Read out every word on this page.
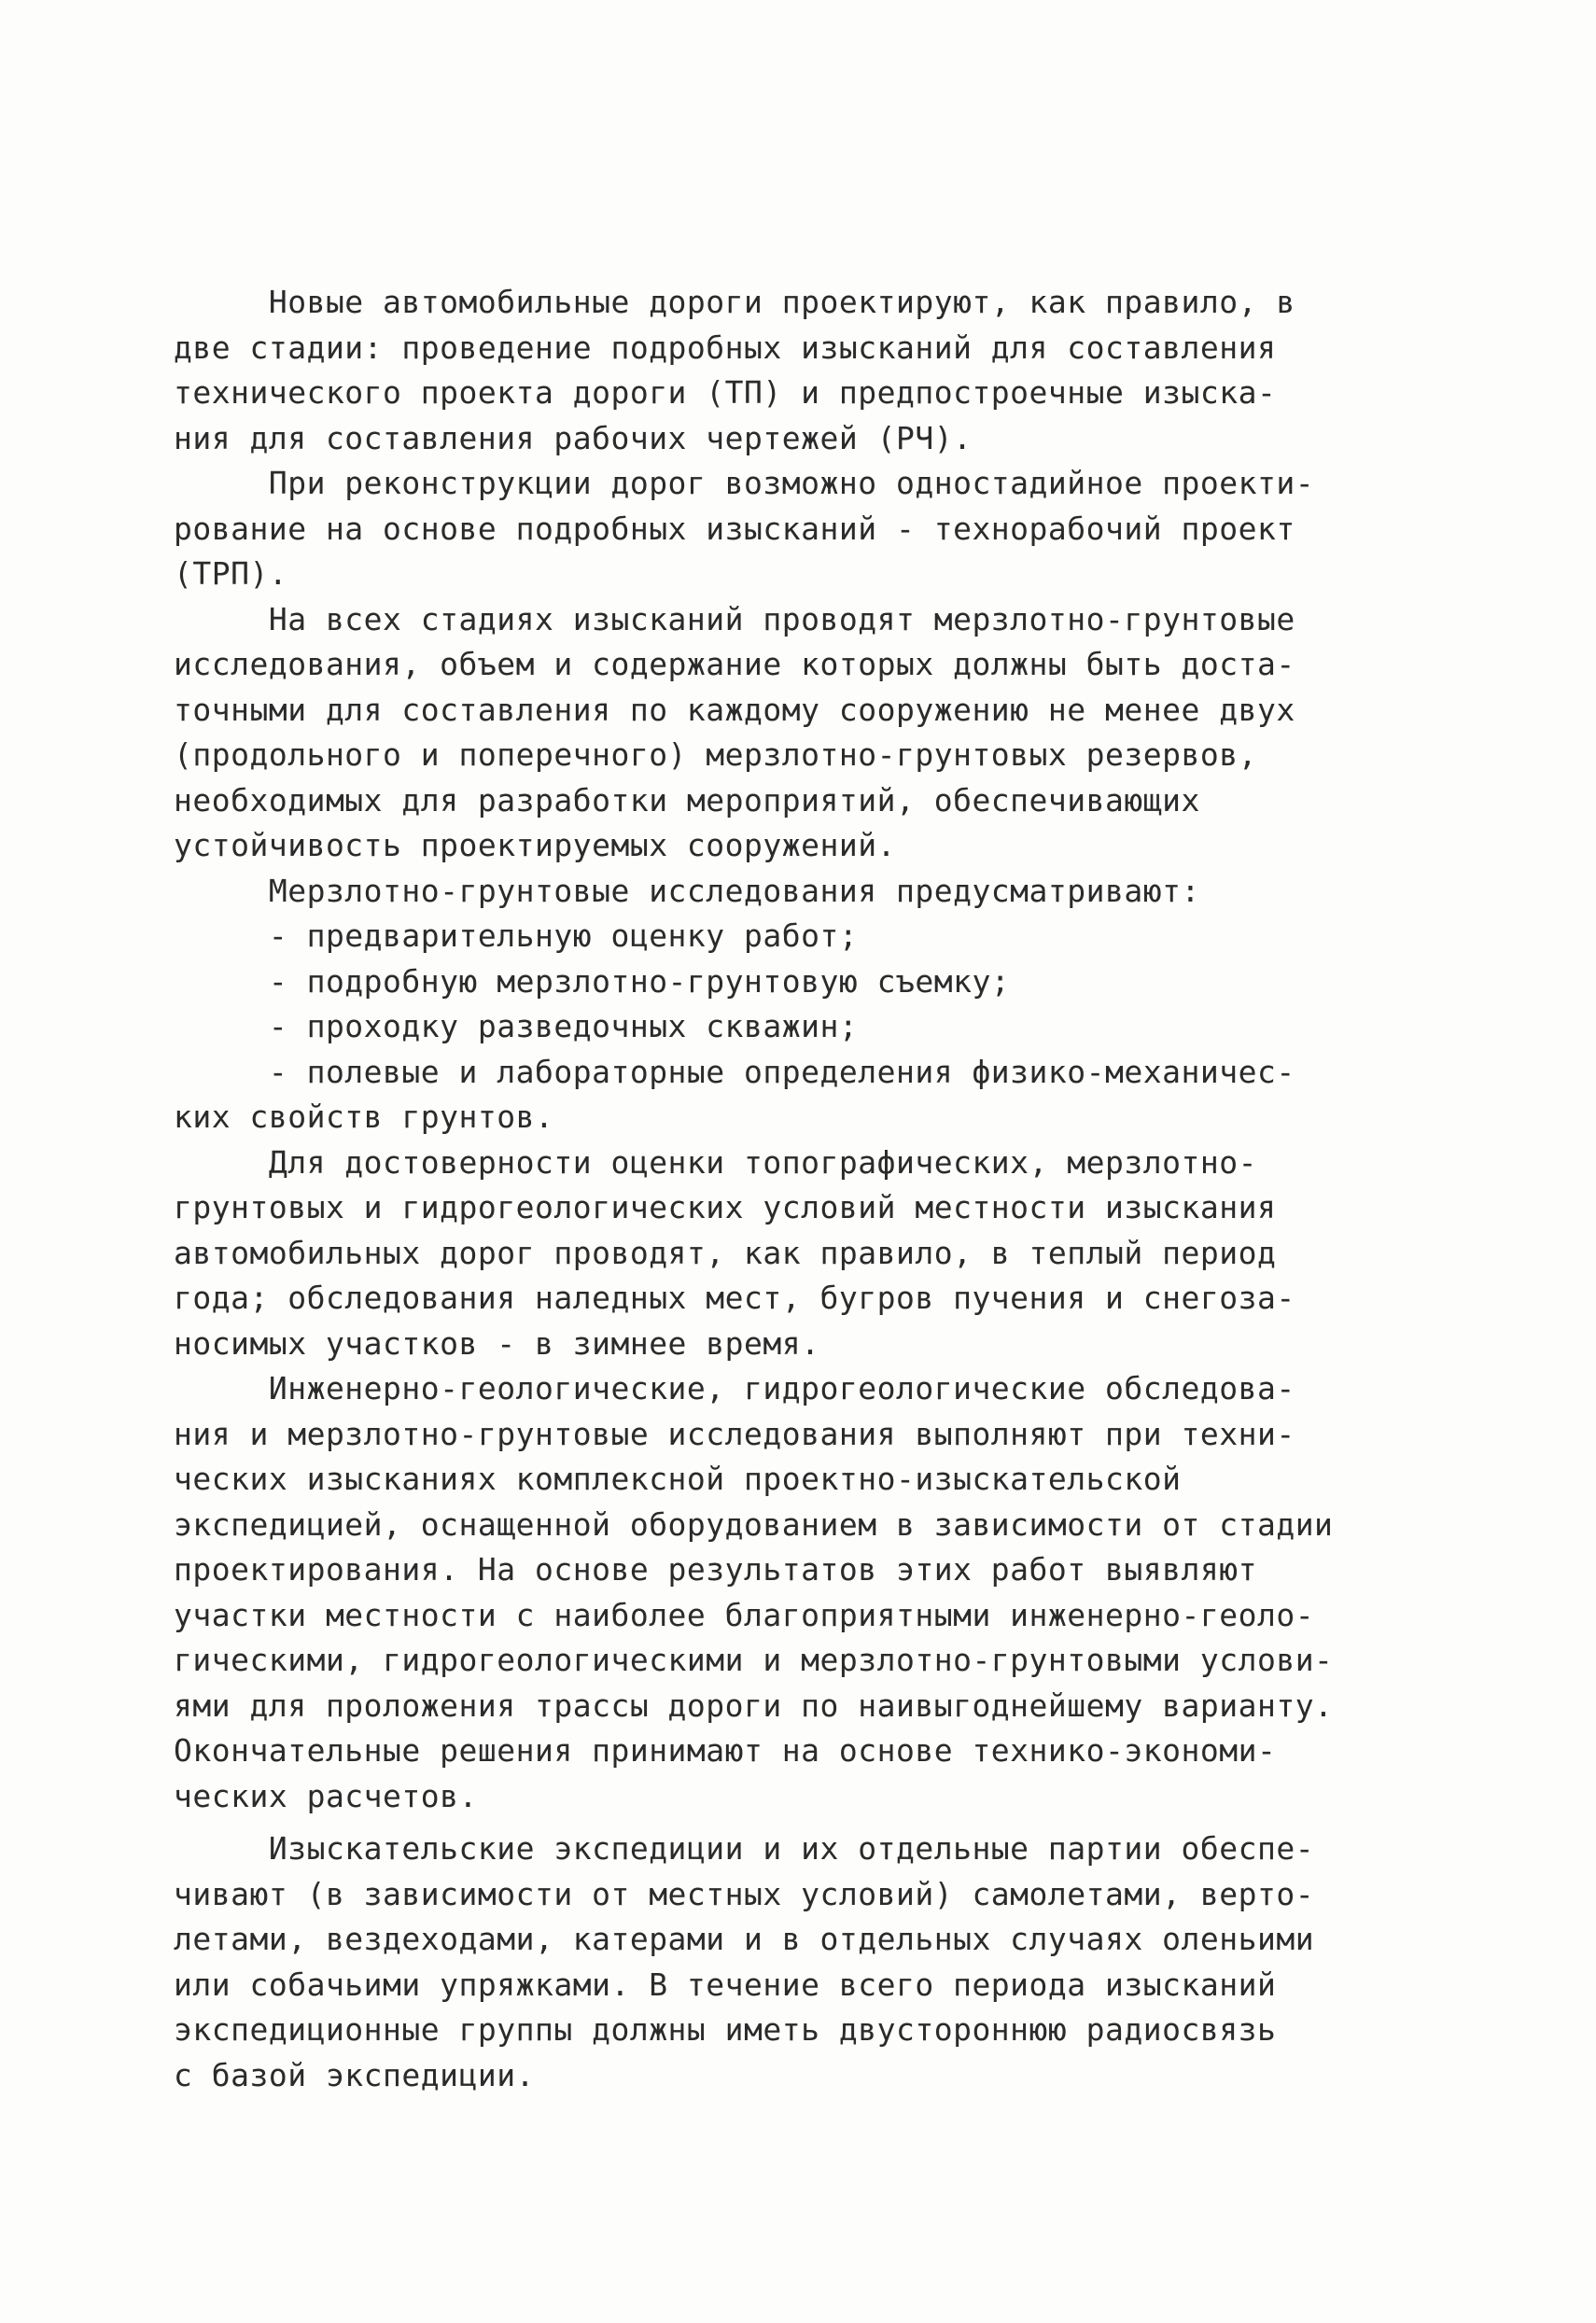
Новые автомобильные дороги проектируют, как правило, в
две стадии: проведение подробных изысканий для составления
технического проекта дороги (ТП) и предпостроечные изыска-
ния для составления рабочих чертежей (РЧ).
При реконструкции дорог возможно одностадийное проекти-
рование на основе подробных изысканий - технорабочий проект
(ТРП).
На всех стадиях изысканий проводят мерзлотно-грунтовые
исследования, объем и содержание которых должны быть доста-
точными для составления по каждому сооружению не менее двух
(продольного и поперечного) мерзлотно-грунтовых резервов,
необходимых для разработки мероприятий, обеспечивающих
устойчивость проектируемых сооружений.
Мерзлотно-грунтовые исследования предусматривают:
- предварительную оценку работ;
- подробную мерзлотно-грунтовую съемку;
- проходку разведочных скважин;
- полевые и лабораторные определения физико-механичес-
ких свойств грунтов.
Для достоверности оценки топографических, мерзлотно-
грунтовых и гидрогеологических условий местности изыскания
автомобильных дорог проводят, как правило, в теплый период
года; обследования наледных мест, бугров пучения и снегоза-
носимых участков - в зимнее время.
Инженерно-геологические, гидрогеологические обследова-
ния и мерзлотно-грунтовые исследования выполняют при техни-
ческих изысканиях комплексной проектно-изыскательской
экспедицией, оснащенной оборудованием в зависимости от стадии
проектирования. На основе результатов этих работ выявляют
участки местности с наиболее благоприятными инженерно-геоло-
гическими, гидрогеологическими и мерзлотно-грунтовыми услови-
ями для проложения трассы дороги по наивыгоднейшему варианту.
Окончательные решения принимают на основе технико-экономи-
ческих расчетов.
Изыскательские экспедиции и их отдельные партии обеспе-
чивают (в зависимости от местных условий) самолетами, верто-
летами, вездеходами, катерами и в отдельных случаях оленьими
или собачьими упряжками. В течение всего периода изысканий
экспедиционные группы должны иметь двустороннюю радиосвязь
с базой экспедиции.
